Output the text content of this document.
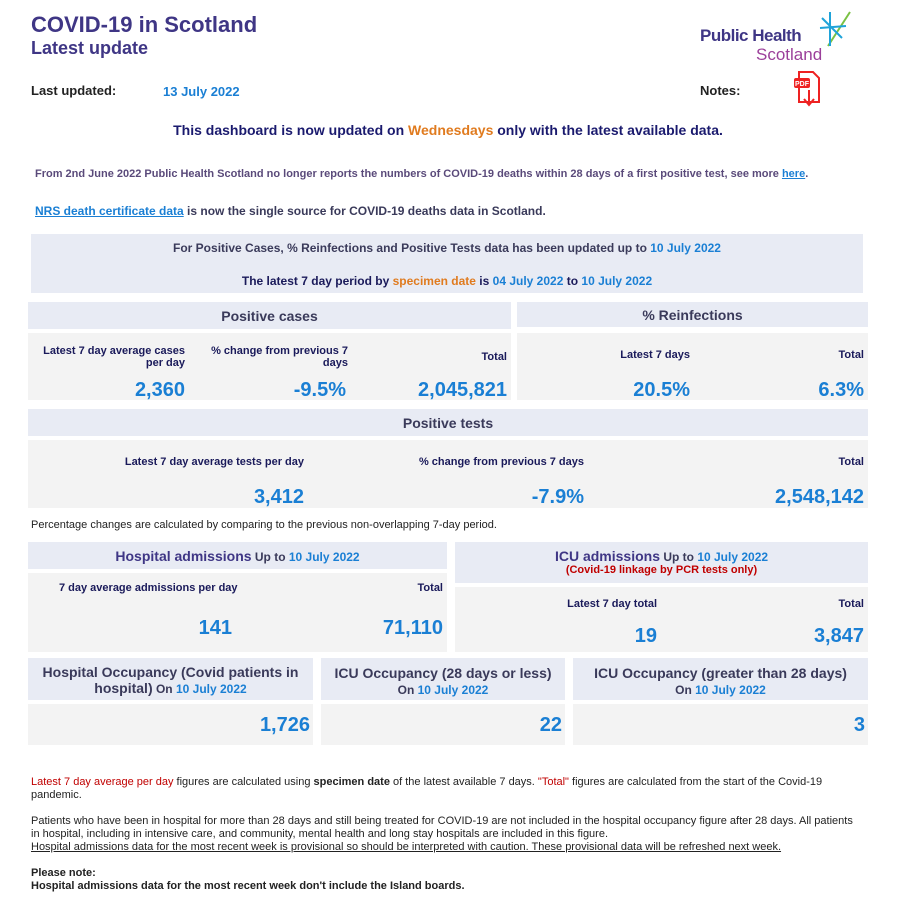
COVID-19 in Scotland
Latest update
Public Health
Scotland
Last updated:	13 July 2022	Notes:	PDF
This dashboard is now updated on Wednesdays only with the latest available data.
From 2nd June 2022 Public Health Scotland no longer reports the numbers of COVID-19 deaths within 28 days of a first positive test, see more here.
NRS death certificate data is now the single source for COVID-19 deaths data in Scotland.
For Positive Cases, % Reinfections and Positive Tests data has been updated up to 10 July 2022
The latest 7 day period by specimen date is 04 July 2022 to 10 July 2022
Positive cases
Latest 7 day average cases per day
2,360
% change from previous 7 days
-9.5%
Total
2,045,821
% Reinfections
Latest 7 days
20.5%
Total
6.3%
Positive tests
Latest 7 day average tests per day
3,412
% change from previous 7 days
-7.9%
Total
2,548,142
Percentage changes are calculated by comparing to the previous non-overlapping 7-day period.
Hospital admissions Up to 10 July 2022
7 day average admissions per day
141
Total
71,110
ICU admissions Up to 10 July 2022
(Covid-19 linkage by PCR tests only)
Latest 7 day total
19
Total
3,847
Hospital Occupancy (Covid patients in hospital) On 10 July 2022
1,726
ICU Occupancy (28 days or less)
On 10 July 2022
22
ICU Occupancy (greater than 28 days)
On 10 July 2022
3
Latest 7 day average per day figures are calculated using specimen date of the latest available 7 days. "Total" figures are calculated from the start of the Covid-19 pandemic.
Patients who have been in hospital for more than 28 days and still being treated for COVID-19 are not included in the hospital occupancy figure after 28 days. All patients in hospital, including in intensive care, and community, mental health and long stay hospitals are included in this figure.
Hospital admissions data for the most recent week is provisional so should be interpreted with caution. These provisional data will be refreshed next week.
Please note:
Hospital admissions data for the most recent week don't include the Island boards.
